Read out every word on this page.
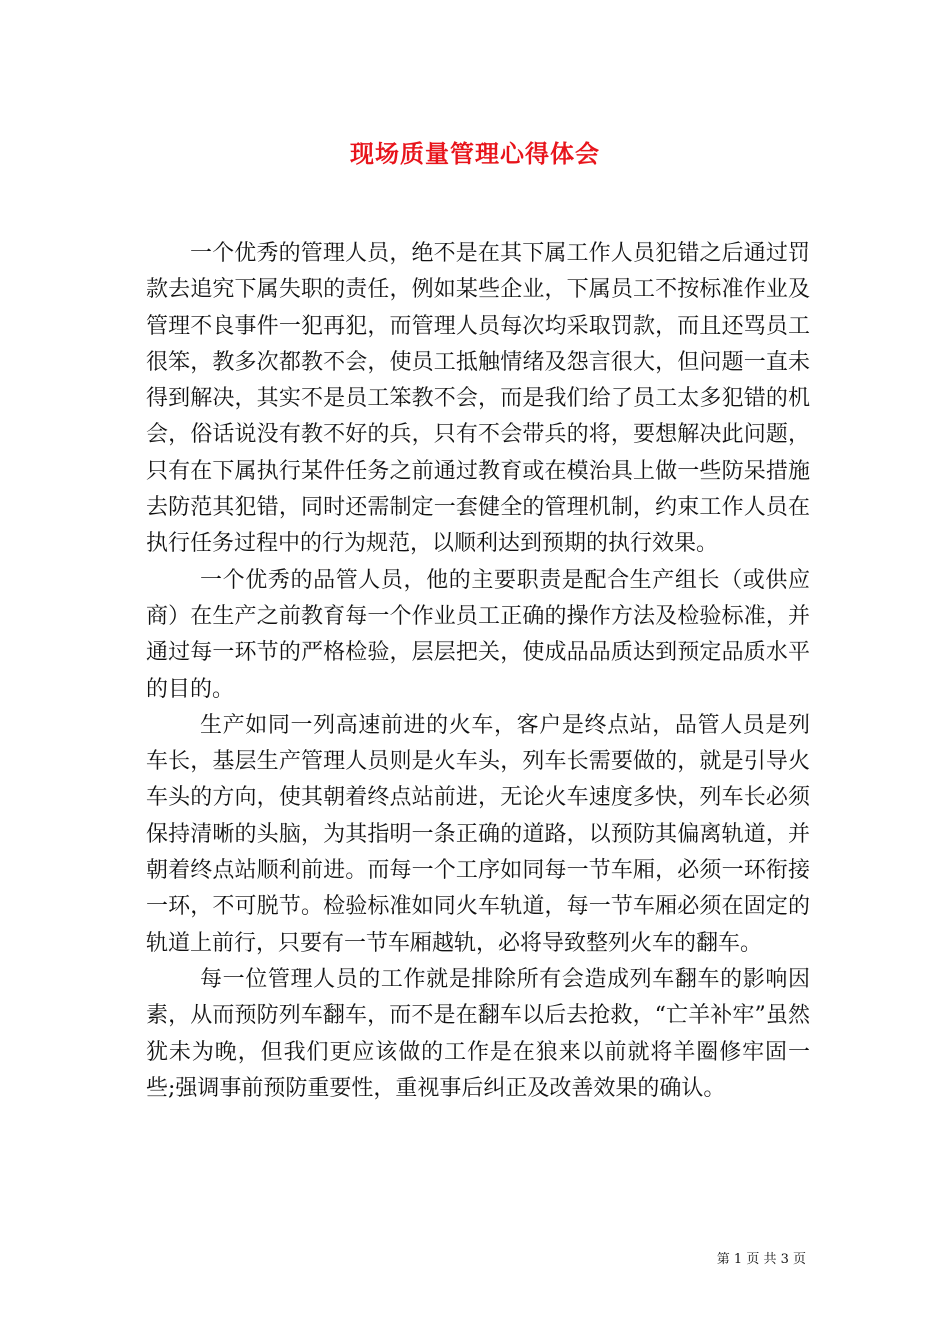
现场质量管理心得体会

一个优秀的管理人员，绝不是在其下属工作人员犯错之后通过罚款去追究下属失职的责任，例如某些企业，下属员工不按标准作业及管理不良事件一犯再犯，而管理人员每次均采取罚款，而且还骂员工很笨，教多次都教不会，使员工抵触情绪及怨言很大，但问题一直未得到解决，其实不是员工笨教不会，而是我们给了员工太多犯错的机会，俗话说没有教不好的兵，只有不会带兵的将，要想解决此问题，只有在下属执行某件任务之前通过教育或在模治具上做一些防呆措施去防范其犯错，同时还需制定一套健全的管理机制，约束工作人员在执行任务过程中的行为规范，以顺利达到预期的执行效果。

一个优秀的品管人员，他的主要职责是配合生产组长（或供应商）在生产之前教育每一个作业员工正确的操作方法及检验标准，并通过每一环节的严格检验，层层把关，使成品品质达到预定品质水平的目的。

生产如同一列高速前进的火车，客户是终点站，品管人员是列车长，基层生产管理人员则是火车头，列车长需要做的，就是引导火车头的方向，使其朝着终点站前进，无论火车速度多快，列车长必须保持清晰的头脑，为其指明一条正确的道路，以预防其偏离轨道，并朝着终点站顺利前进。而每一个工序如同每一节车厢，必须一环衔接一环，不可脱节。检验标准如同火车轨道，每一节车厢必须在固定的轨道上前行，只要有一节车厢越轨，必将导致整列火车的翻车。

每一位管理人员的工作就是排除所有会造成列车翻车的影响因素，从而预防列车翻车，而不是在翻车以后去抢救，“亡羊补牢”虽然犹未为晚，但我们更应该做的工作是在狼来以前就将羊圈修牢固一些;强调事前预防重要性，重视事后纠正及改善效果的确认。

第 1 页 共 3 页
